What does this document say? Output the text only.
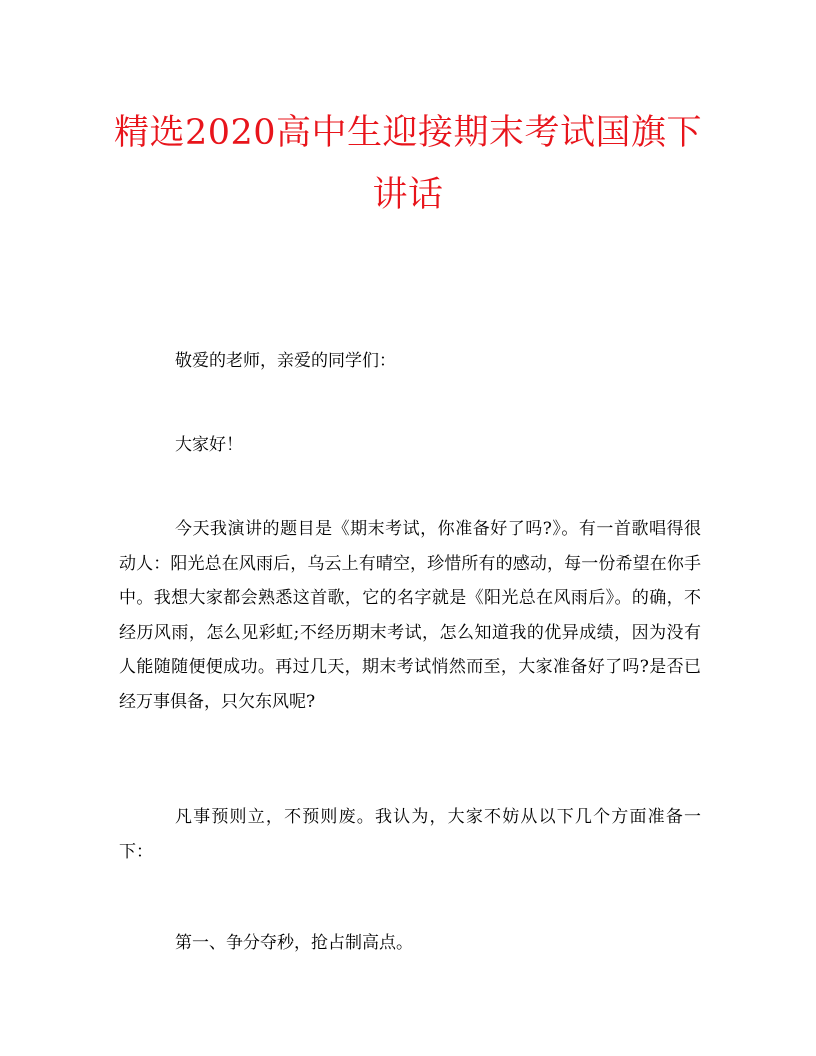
精选2020高中生迎接期末考试国旗下
讲话

敬爱的老师，亲爱的同学们：

大家好！

今天我演讲的题目是《期末考试，你准备好了吗?》。有一首歌唱得很动人：阳光总在风雨后，乌云上有晴空，珍惜所有的感动，每一份希望在你手中。我想大家都会熟悉这首歌，它的名字就是《阳光总在风雨后》。的确，不经历风雨，怎么见彩虹;不经历期末考试，怎么知道我的优异成绩，因为没有人能随随便便成功。再过几天，期末考试悄然而至，大家准备好了吗?是否已经万事俱备，只欠东风呢?

凡事预则立，不预则废。我认为，大家不妨从以下几个方面准备一下：

第一、争分夺秒，抢占制高点。
